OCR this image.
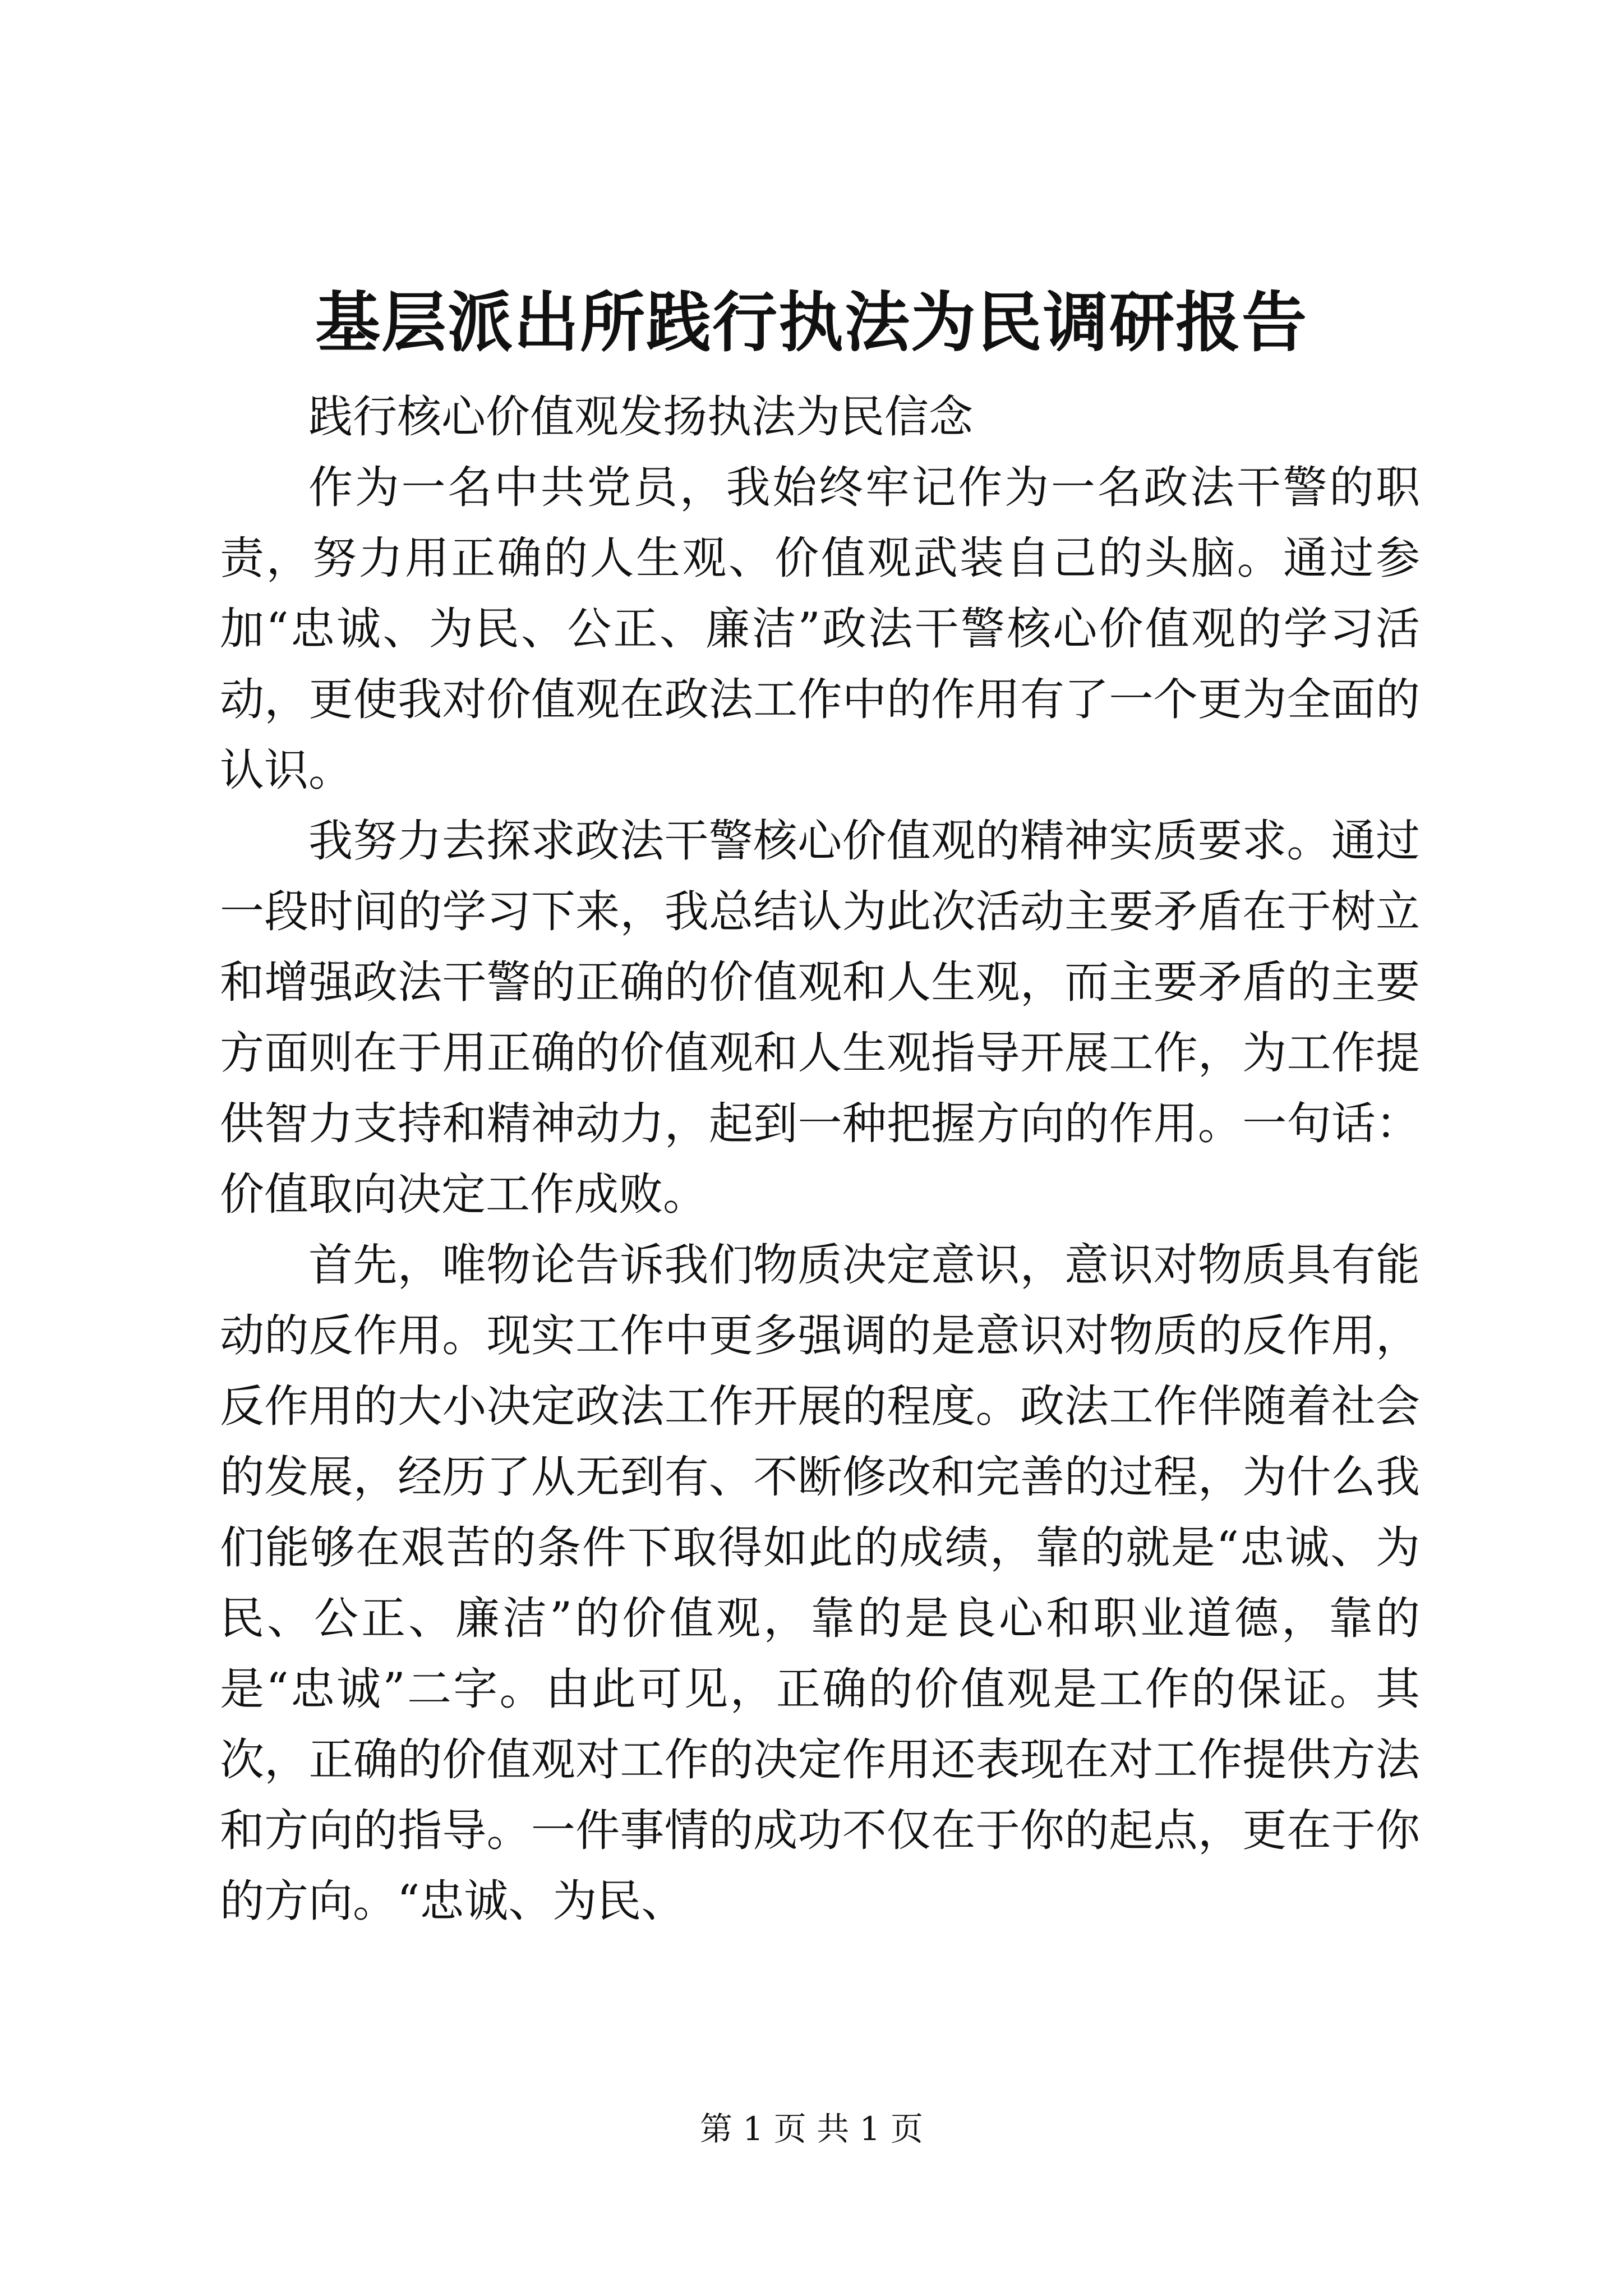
基层派出所践行执法为民调研报告

践行核心价值观发扬执法为民信念

作为一名中共党员，我始终牢记作为一名政法干警的职责，努力用正确的人生观、价值观武装自己的头脑。通过参加“忠诚、为民、公正、廉洁”政法干警核心价值观的学习活动，更使我对价值观在政法工作中的作用有了一个更为全面的认识。

我努力去探求政法干警核心价值观的精神实质要求。通过一段时间的学习下来，我总结认为此次活动主要矛盾在于树立和增强政法干警的正确的价值观和人生观，而主要矛盾的主要方面则在于用正确的价值观和人生观指导开展工作，为工作提供智力支持和精神动力，起到一种把握方向的作用。一句话：价值取向决定工作成败。

首先，唯物论告诉我们物质决定意识，意识对物质具有能动的反作用。现实工作中更多强调的是意识对物质的反作用，反作用的大小决定政法工作开展的程度。政法工作伴随着社会的发展，经历了从无到有、不断修改和完善的过程，为什么我们能够在艰苦的条件下取得如此的成绩，靠的就是“忠诚、为民、公正、廉洁”的价值观，靠的是良心和职业道德，靠的是“忠诚”二字。由此可见，正确的价值观是工作的保证。其次，正确的价值观对工作的决定作用还表现在对工作提供方法和方向的指导。一件事情的成功不仅在于你的起点，更在于你的方向。“忠诚、为民、

第 1 页 共 1 页
